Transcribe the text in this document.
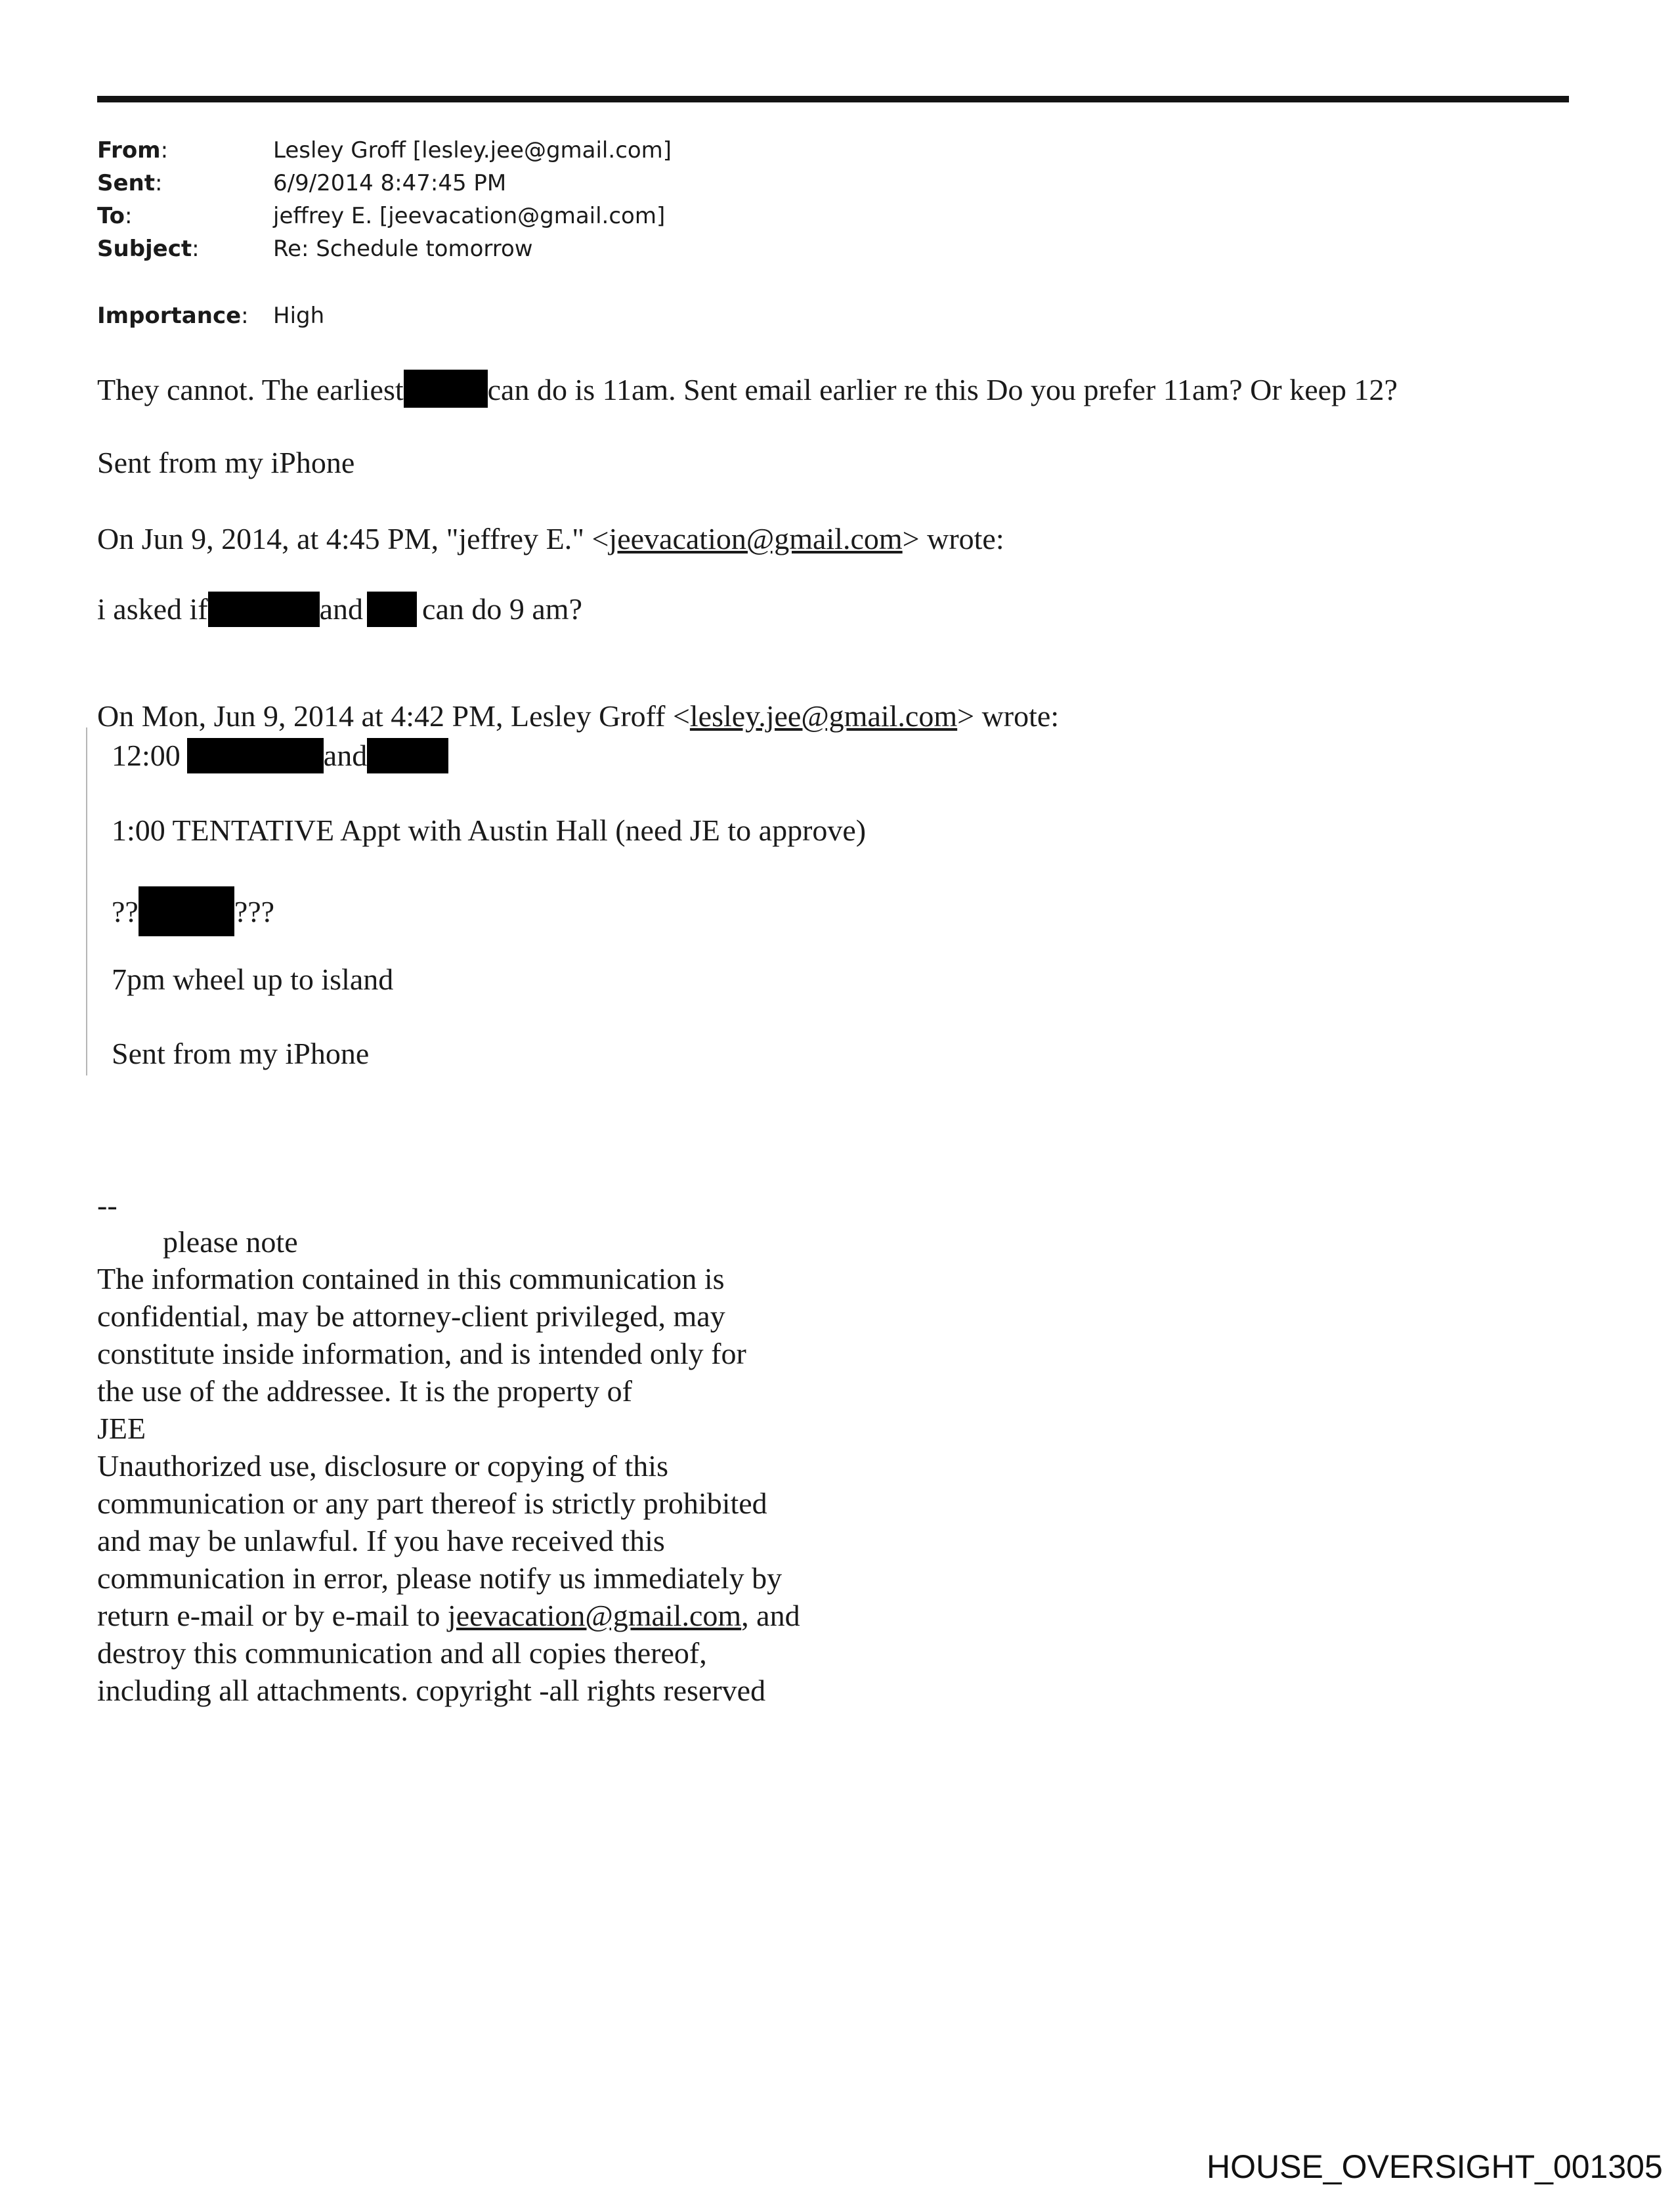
From:	Lesley Groff [lesley.jee@gmail.com]
Sent:	6/9/2014 8:47:45 PM
To:	jeffrey E. [jeevacation@gmail.com]
Subject:	Re: Schedule tomorrow
Importance: High
They cannot. The earliest	can do is 11am. Sent email earlier re this Do you prefer 11am? Or keep 12?
Sent from my iPhone
On Jun 9, 2014, at 4:45 PM, "jeffrey E." <jeevacation@gmail.com> wrote:
i asked if	and can do 9 am?
On Mon, Jun 9, 2014 at 4:42 PM, Lesley Groff <lesley.jee@gmail.com> wrote:
12:00	and
1:00 TENTATIVE Appt with Austin Hall (need JE to approve)
??	???
7pm wheel up to island
Sent from my iPhone
--
please note
The information contained in this communication is
confidential, may be attorney-client privileged, may
constitute inside information, and is intended only for
the use of the addressee. It is the property of
JEE
Unauthorized use, disclosure or copying of this
communication or any part thereof is strictly prohibited
and may be unlawful. If you have received this
communication in error, please notify us immediately by
return e-mail or by e-mail to jeevacation@gmail.com, and
destroy this communication and all copies thereof,
including all attachments. copyright -all rights reserved
HOUSE_OVERSIGHT_001305
